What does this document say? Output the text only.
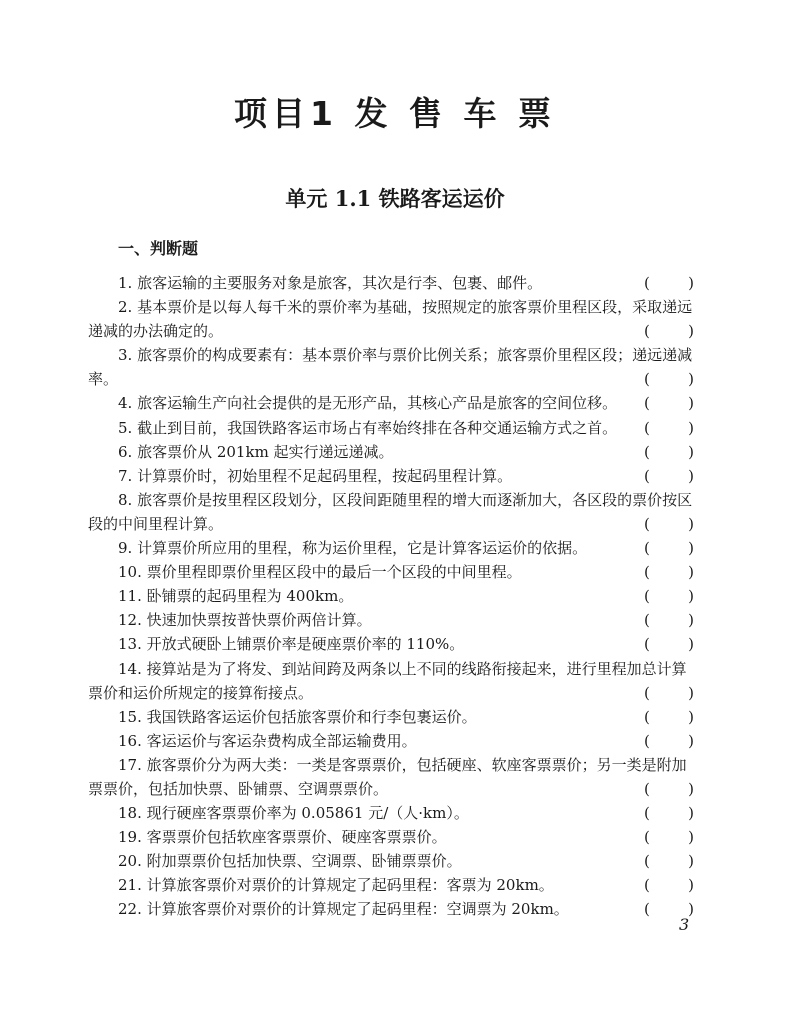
项目1 发 售 车 票
单元 1.1 铁路客运运价
一、判断题
1. 旅客运输的主要服务对象是旅客，其次是行李、包裹、邮件。	(	)
2. 基本票价是以每人每千米的票价率为基础，按照规定的旅客票价里程区段，采取递远递减的办法确定的。	(	)
3. 旅客票价的构成要素有：基本票价率与票价比例关系；旅客票价里程区段；递远递减率。	(	)
4. 旅客运输生产向社会提供的是无形产品，其核心产品是旅客的空间位移。 (	)
5. 截止到目前，我国铁路客运市场占有率始终排在各种交通运输方式之首。 (	)
6. 旅客票价从 201km 起实行递远递减。	(	)
7. 计算票价时，初始里程不足起码里程，按起码里程计算。	(	)
8. 旅客票价是按里程区段划分，区段间距随里程的增大而逐渐加大，各区段的票价按区段的中间里程计算。	(	)
9. 计算票价所应用的里程，称为运价里程，它是计算客运运价的依据。	(	)
10. 票价里程即票价里程区段中的最后一个区段的中间里程。	(	)
11. 卧铺票的起码里程为 400km。	(	)
12. 快速加快票按普快票价两倍计算。	(	)
13. 开放式硬卧上铺票价率是硬座票价率的 110%。	(	)
14. 接算站是为了将发、到站间跨及两条以上不同的线路衔接起来，进行里程加总计算票价和运价所规定的接算衔接点。	(	)
15. 我国铁路客运运价包括旅客票价和行李包裹运价。	(	)
16. 客运运价与客运杂费构成全部运输费用。	(	)
17. 旅客票价分为两大类：一类是客票票价，包括硬座、软座客票票价；另一类是附加票票价，包括加快票、卧铺票、空调票票价。	(	)
18. 现行硬座客票票价率为 0.05861 元/（人·km）。	(	)
19. 客票票价包括软座客票票价、硬座客票票价。	(	)
20. 附加票票价包括加快票、空调票、卧铺票票价。	(	)
21. 计算旅客票价对票价的计算规定了起码里程：客票为 20km。	(	)
22. 计算旅客票价对票价的计算规定了起码里程：空调票为 20km。	(	)
3
